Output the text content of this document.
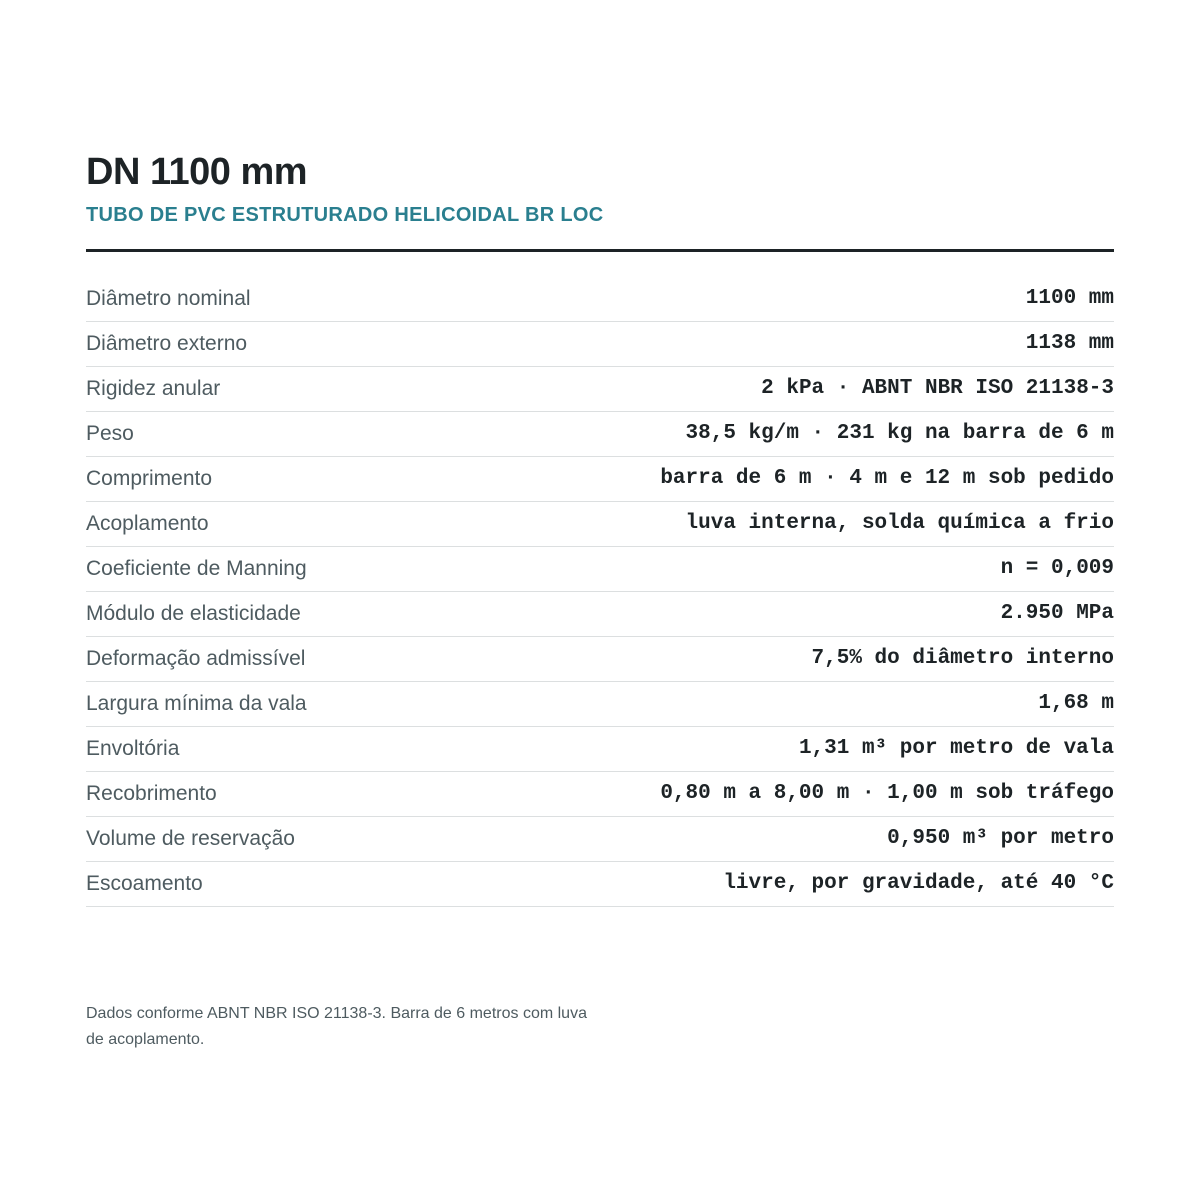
DN 1100 mm
TUBO DE PVC ESTRUTURADO HELICOIDAL BR LOC
Diâmetro nominal	1100 mm
Diâmetro externo	1138 mm
Rigidez anular	2 kPa · ABNT NBR ISO 21138-3
Peso	38,5 kg/m · 231 kg na barra de 6 m
Comprimento	barra de 6 m · 4 m e 12 m sob pedido
Acoplamento	luva interna, solda química a frio
Coeficiente de Manning	n = 0,009
Módulo de elasticidade	2.950 MPa
Deformação admissível	7,5% do diâmetro interno
Largura mínima da vala	1,68 m
Envoltória	1,31 m³ por metro de vala
Recobrimento	0,80 m a 8,00 m · 1,00 m sob tráfego
Volume de reservação	0,950 m³ por metro
Escoamento	livre, por gravidade, até 40 °C

Dados conforme ABNT NBR ISO 21138-3. Barra de 6 metros com luva de acoplamento.
